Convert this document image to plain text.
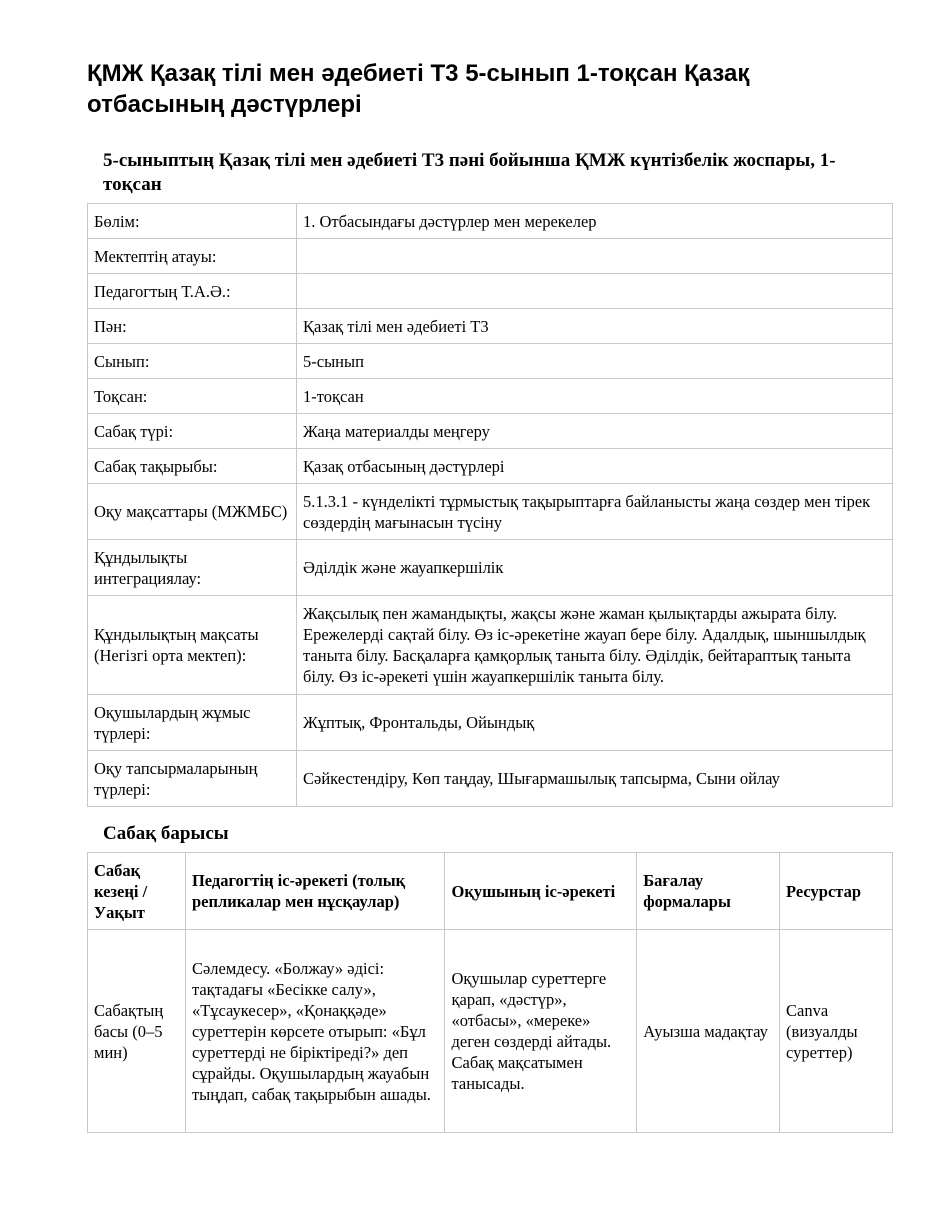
ҚМЖ Қазақ тілі мен әдебиеті Т3 5-сынып 1-тоқсан Қазақ отбасының дәстүрлері
5-сыныптың Қазақ тілі мен әдебиеті Т3 пәні бойынша ҚМЖ күнтізбелік жоспары, 1-тоқсан
Бөлім:	1. Отбасындағы дәстүрлер мен мерекелер
Мектептің атауы:	
Педагогтың Т.А.Ә.:	
Пән:	Қазақ тілі мен әдебиеті Т3
Сынып:	5-сынып
Тоқсан:	1-тоқсан
Сабақ түрі:	Жаңа материалды меңгеру
Сабақ тақырыбы:	Қазақ отбасының дәстүрлері
Оқу мақсаттары (МЖМБС)	5.1.3.1 - күнделікті тұрмыстық тақырыптарға байланысты жаңа сөздер мен тірек сөздердің мағынасын түсіну
Құндылықты интеграциялау:	Әділдік және жауапкершілік
Құндылықтың мақсаты (Негізгі орта мектеп):	Жақсылық пен жамандықты, жақсы және жаман қылықтарды ажырата білу. Ережелерді сақтай білу. Өз іс-әрекетіне жауап бере білу. Адалдық, шыншылдық таныта білу. Басқаларға қамқорлық таныта білу. Әділдік, бейтараптық таныта білу. Өз іс-әрекеті үшін жауапкершілік таныта білу.
Оқушылардың жұмыс түрлері:	Жұптық, Фронтальды, Ойындық
Оқу тапсырмаларының түрлері:	Сәйкестендіру, Көп таңдау, Шығармашылық тапсырма, Сыни ойлау
Сабақ барысы
Сабақ кезеңі / Уақыт	Педагогтің іс-әрекеті (толық репликалар мен нұсқаулар)	Оқушының іс-әрекеті	Бағалау формалары	Ресурстар
Сабақтың басы (0–5 мин)	Сәлемдесу. «Болжау» әдісі: тақтадағы «Бесікке салу», «Тұсаукесер», «Қонаққәде» суреттерін көрсете отырып: «Бұл суреттерді не біріктіреді?» деп сұрайды. Оқушылардың жауабын тыңдап, сабақ тақырыбын ашады.	Оқушылар суреттерге қарап, «дәстүр», «отбасы», «мереке» деген сөздерді айтады. Сабақ мақсатымен танысады.	Ауызша мадақтау	Canva (визуалды суреттер)
